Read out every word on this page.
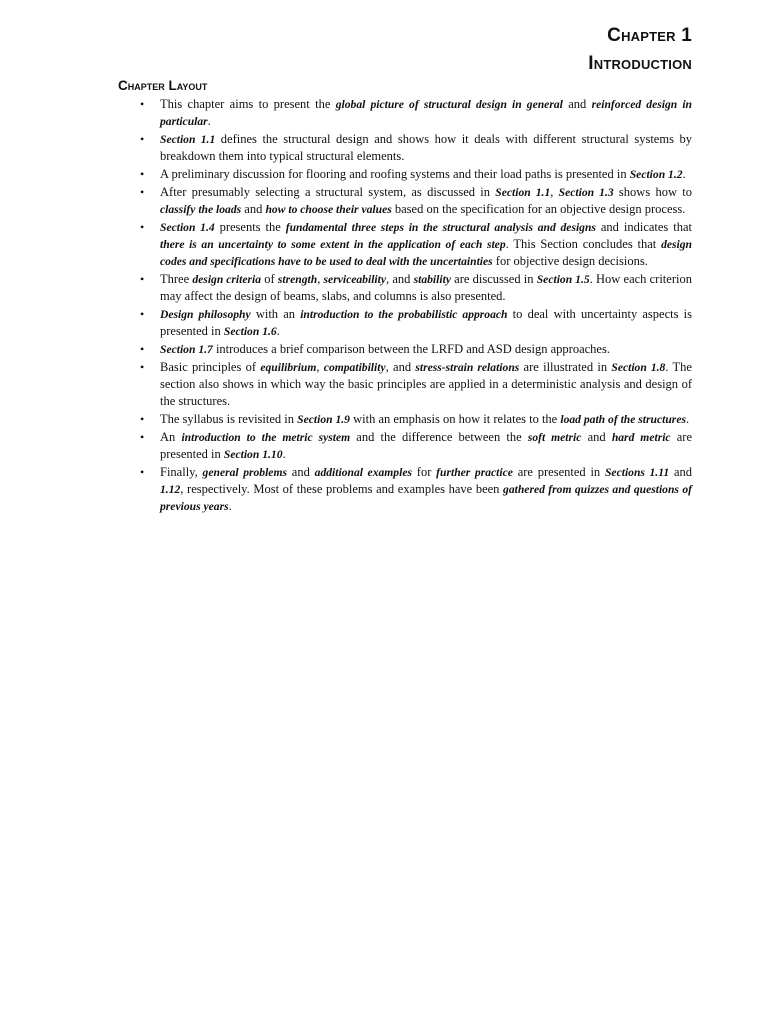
Chapter 1
Introduction
Chapter Layout
• This chapter aims to present the global picture of structural design in general and reinforced design in particular.
• Section 1.1 defines the structural design and shows how it deals with different structural systems by breakdown them into typical structural elements.
• A preliminary discussion for flooring and roofing systems and their load paths is presented in Section 1.2.
• After presumably selecting a structural system, as discussed in Section 1.1, Section 1.3 shows how to classify the loads and how to choose their values based on the specification for an objective design process.
• Section 1.4 presents the fundamental three steps in the structural analysis and designs and indicates that there is an uncertainty to some extent in the application of each step. This Section concludes that design codes and specifications have to be used to deal with the uncertainties for objective design decisions.
• Three design criteria of strength, serviceability, and stability are discussed in Section 1.5. How each criterion may affect the design of beams, slabs, and columns is also presented.
• Design philosophy with an introduction to the probabilistic approach to deal with uncertainty aspects is presented in Section 1.6.
• Section 1.7 introduces a brief comparison between the LRFD and ASD design approaches.
• Basic principles of equilibrium, compatibility, and stress-strain relations are illustrated in Section 1.8. The section also shows in which way the basic principles are applied in a deterministic analysis and design of the structures.
• The syllabus is revisited in Section 1.9 with an emphasis on how it relates to the load path of the structures.
• An introduction to the metric system and the difference between the soft metric and hard metric are presented in Section 1.10.
• Finally, general problems and additional examples for further practice are presented in Sections 1.11 and 1.12, respectively. Most of these problems and examples have been gathered from quizzes and questions of previous years.
